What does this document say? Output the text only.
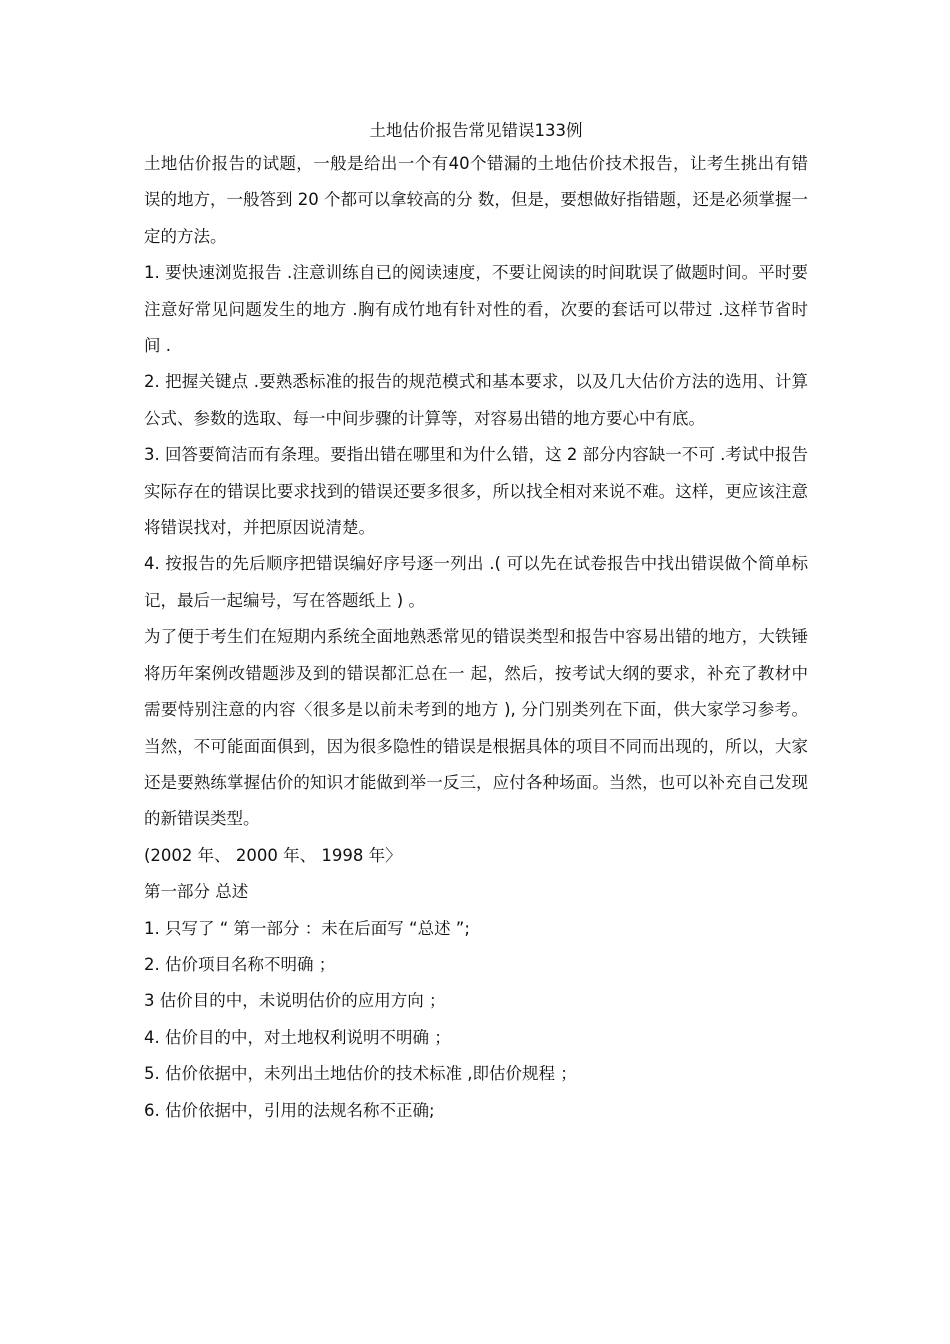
土地估价报告常见错误133例

土地估价报告的试题，一般是给出一个有40个错漏的土地估价技术报告，让考生挑出有错误的地方，一般答到 20 个都可以拿较高的分 数，但是，要想做好指错题，还是必须掌握一定的方法。

1. 要快速浏览报告 .注意训练自已的阅读速度，不要让阅读的时间耽误了做题时间。平时要注意好常见问题发生的地方 .胸有成竹地有针对性的看，次要的套话可以带过 .这样节省时间 .

2. 把握关键点 .要熟悉标准的报告的规范模式和基本要求，以及几大估价方法的选用、计算公式、参数的选取、每一中间步骤的计算等，对容易出错的地方要心中有底。

3. 回答要简洁而有条理。要指出错在哪里和为什么错，这 2 部分内容缺一不可 .考试中报告实际存在的错误比要求找到的错误还要多很多，所以找全相对来说不难。这样，更应该注意将错误找对，并把原因说清楚。

4. 按报告的先后顺序把错误编好序号逐一列出 .( 可以先在试卷报告中找出错误做个简单标记，最后一起编号，写在答题纸上 ) 。

为了便于考生们在短期内系统全面地熟悉常见的错误类型和报告中容易出错的地方，大铁锤将历年案例改错题涉及到的错误都汇总在一 起，然后，按考试大纲的要求，补充了教材中需要恃别注意的内容〈很多是以前未考到的地方 ), 分门别类列在下面，供大家学习参考。当然，不可能面面俱到，因为很多隐性的错误是根据具体的项目不同而出现的，所以，大家还是要熟练掌握估价的知识才能做到举一反三，应付各种场面。当然，也可以补充自己发现的新错误类型。

(2002 年、 2000 年、 1998 年〉

第一部分 总述

1. 只写了 “ 第一部分 ：未在后面写 “总述 ”;

2. 估价项目名称不明确 ；

3 估价目的中，未说明估价的应用方向 ；

4. 估价目的中，对土地权利说明不明确 ；

5. 估价依据中，未列出土地估价的技术标准 ,即估价规程 ；

6. 估价依据中，引用的法规名称不正确;
